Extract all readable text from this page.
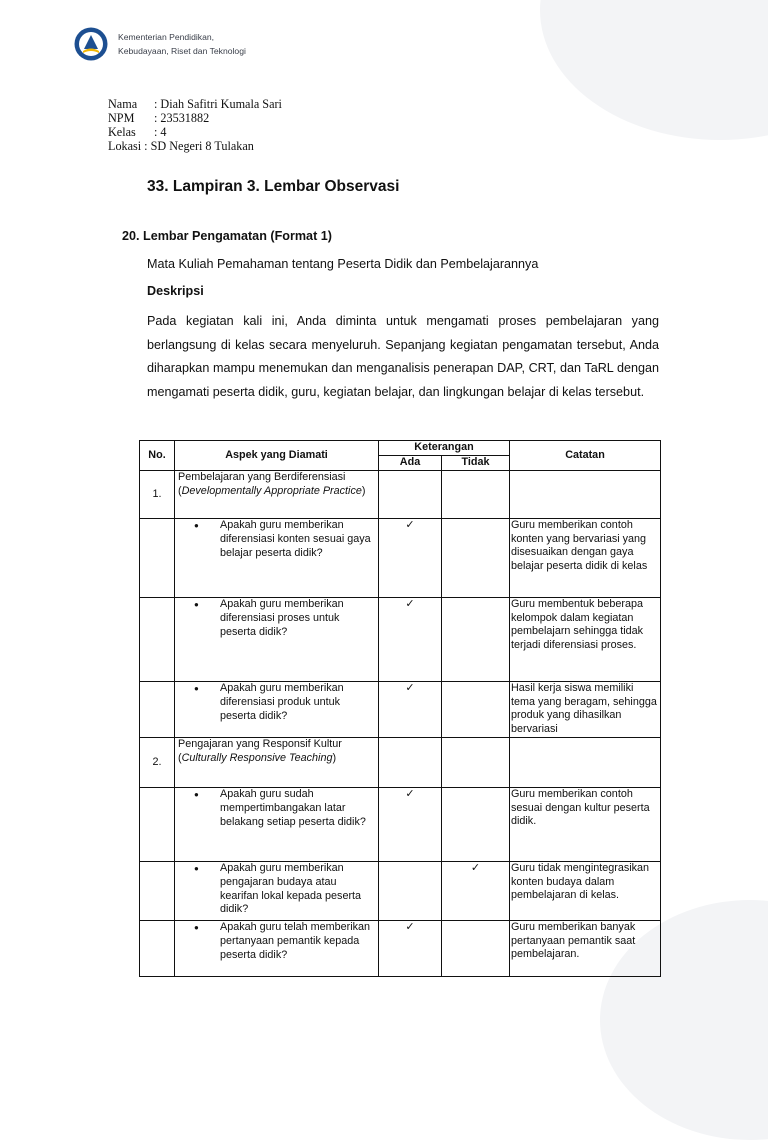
Kementerian Pendidikan,
Kebudayaan, Riset dan Teknologi
Nama	: Diah Safitri Kumala Sari
NPM	: 23531882
Kelas	: 4
Lokasi : SD Negeri 8 Tulakan
33. Lampiran 3. Lembar Observasi
20. Lembar Pengamatan (Format 1)
Mata Kuliah Pemahaman tentang Peserta Didik dan Pembelajarannya
Deskripsi
Pada kegiatan kali ini, Anda diminta untuk mengamati proses pembelajaran yang berlangsung di kelas secara menyeluruh. Sepanjang kegiatan pengamatan tersebut, Anda diharapkan mampu menemukan dan menganalisis penerapan DAP, CRT, dan TaRL dengan mengamati peserta didik, guru, kegiatan belajar, dan lingkungan belajar di kelas tersebut.
No.	Aspek yang Diamati	Keterangan		Catatan
		Ada	Tidak	
1.	Pembelajaran yang Berdiferensiasi (Developmentally Appropriate Practice)			

	● Apakah guru memberikan diferensiasi konten sesuai gaya belajar peserta didik?	✓		Guru memberikan contoh konten yang bervariasi yang disesuaikan dengan gaya belajar peserta didik di kelas

	● Apakah guru memberikan diferensiasi proses untuk peserta didik?	✓		Guru membentuk beberapa kelompok dalam kegiatan pembelajarn sehingga tidak terjadi diferensiasi proses.

	● Apakah guru memberikan diferensiasi produk untuk peserta didik?	✓		Hasil kerja siswa memiliki tema yang beragam, sehingga produk yang dihasilkan bervariasi
2.	Pengajaran yang Responsif Kultur (Culturally Responsive Teaching)			

	● Apakah guru sudah mempertimbangakan latar belakang setiap peserta didik?	✓		Guru memberikan contoh sesuai dengan kultur peserta didik.

	● Apakah guru memberikan pengajaran budaya atau kearifan lokal kepada peserta didik?		✓	Guru tidak mengintegrasikan konten budaya dalam pembelajaran di kelas.

	● Apakah guru telah memberikan pertanyaan pemantik kepada peserta didik?	✓		Guru memberikan banyak pertanyaan pemantik saat pembelajaran.
